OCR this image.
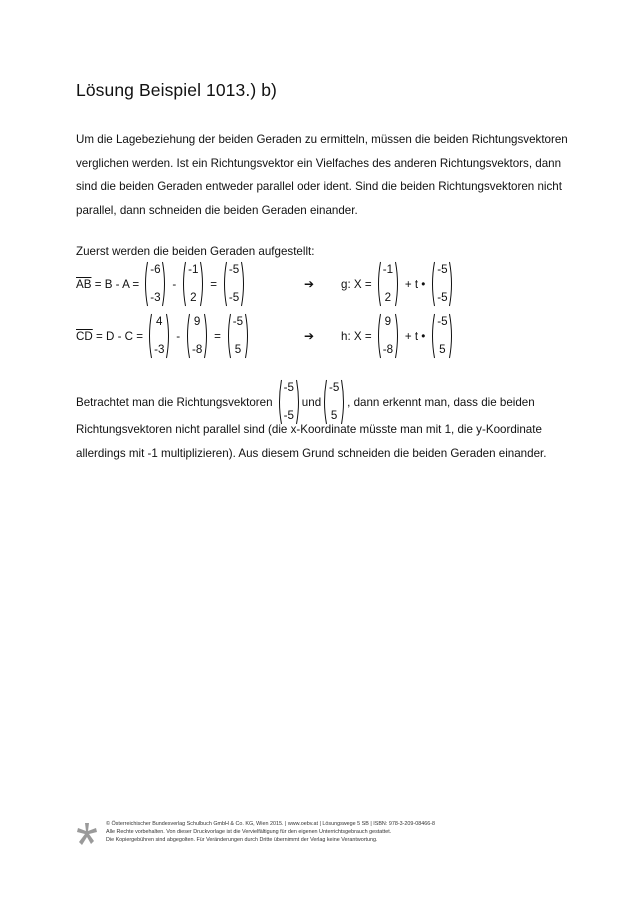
Lösung Beispiel 1013.) b)

Um die Lagebeziehung der beiden Geraden zu ermitteln, müssen die beiden Richtungsvektoren verglichen werden. Ist ein Richtungsvektor ein Vielfaches des anderen Richtungsvektors, dann sind die beiden Geraden entweder parallel oder ident. Sind die beiden Richtungsvektoren nicht parallel, dann schneiden die beiden Geraden einander.

Zuerst werden die beiden Geraden aufgestellt:

$\overline{AB}$
= B - A =

-6
-3
-
-1
2
=
-5
-5
➔ g: X =

-1
2
+ t •
-5
-5
$\overline{CD}$
= D - C =

4
-3
-
9
-8
=
-5
5
➔ h: X =

9
-8
+ t •
-5
5
Betrachtet man die Richtungsvektoren

-5
-5
und
-5
5
, dann erkennt man, dass die beiden

Richtungsvektoren nicht parallel sind (die x-Koordinate müsste man mit 1, die y-Koordinate allerdings mit -1 multiplizieren). Aus diesem Grund schneiden die beiden Geraden einander.

© Österreichischer Bundesverlag Schulbuch GmbH & Co. KG, Wien 2015. | www.oebv.at | Lösungswege 5 SB | ISBN: 978-3-209-08466-8
Alle Rechte vorbehalten. Von dieser Druckvorlage ist die Vervielfältigung für den eigenen Unterrichtsgebrauch gestattet.
Die Kopiergebühren sind abgegolten. Für Veränderungen durch Dritte übernimmt der Verlag keine Verantwortung.
